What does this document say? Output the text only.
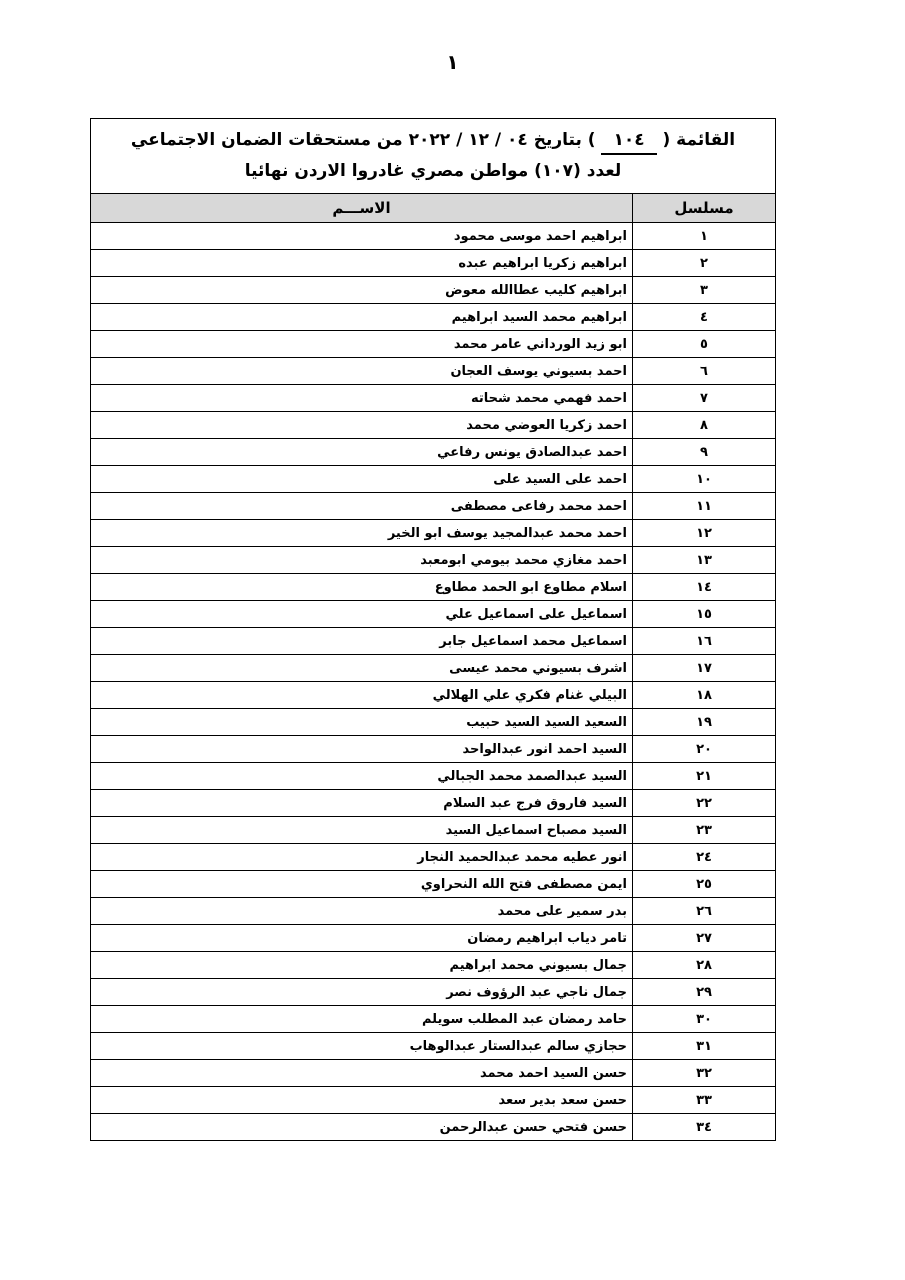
١
القائمة ( ١٠٤ ) بتاريخ ٠٤ / ١٢ / ٢٠٢٢ من مستحقات الضمان الاجتماعي
لعدد (١٠٧) مواطن مصري غادروا الاردن نهائيا
مسلسل	الاســـم
١	ابراهيم احمد موسى محمود
٢	ابراهيم زكريا ابراهيم عبده
٣	ابراهيم كليب عطاالله معوض
٤	ابراهيم محمد السيد ابراهيم
٥	ابو زيد الورداني عامر محمد
٦	احمد بسيوني يوسف العجان
٧	احمد فهمي محمد شحاته
٨	احمد زكريا العوضي محمد
٩	احمد عبدالصادق يونس رفاعي
١٠	احمد على السيد على
١١	احمد محمد رفاعى مصطفى
١٢	احمد محمد عبدالمجيد يوسف ابو الخير
١٣	احمد مغازي محمد بيومي ابومعبد
١٤	اسلام مطاوع ابو الحمد مطاوع
١٥	اسماعيل على اسماعيل علي
١٦	اسماعيل محمد اسماعيل جابر
١٧	اشرف بسيوني محمد عيسى
١٨	البيلي غنام فكري علي الهلالي
١٩	السعيد السيد السيد حبيب
٢٠	السيد احمد انور عبدالواحد
٢١	السيد عبدالصمد محمد الجبالي
٢٢	السيد فاروق فرج عبد السلام
٢٣	السيد مصباح اسماعيل السيد
٢٤	انور عطيه محمد عبدالحميد النجار
٢٥	ايمن مصطفى فتح الله النحراوي
٢٦	بدر سمير على محمد
٢٧	تامر دياب ابراهيم رمضان
٢٨	جمال بسيوني محمد ابراهيم
٢٩	جمال ناجي عبد الرؤوف نصر
٣٠	حامد رمضان عبد المطلب سويلم
٣١	حجازي سالم عبدالستار عبدالوهاب
٣٢	حسن السيد احمد محمد
٣٣	حسن سعد بدير سعد
٣٤	حسن فتحي حسن عبدالرحمن
